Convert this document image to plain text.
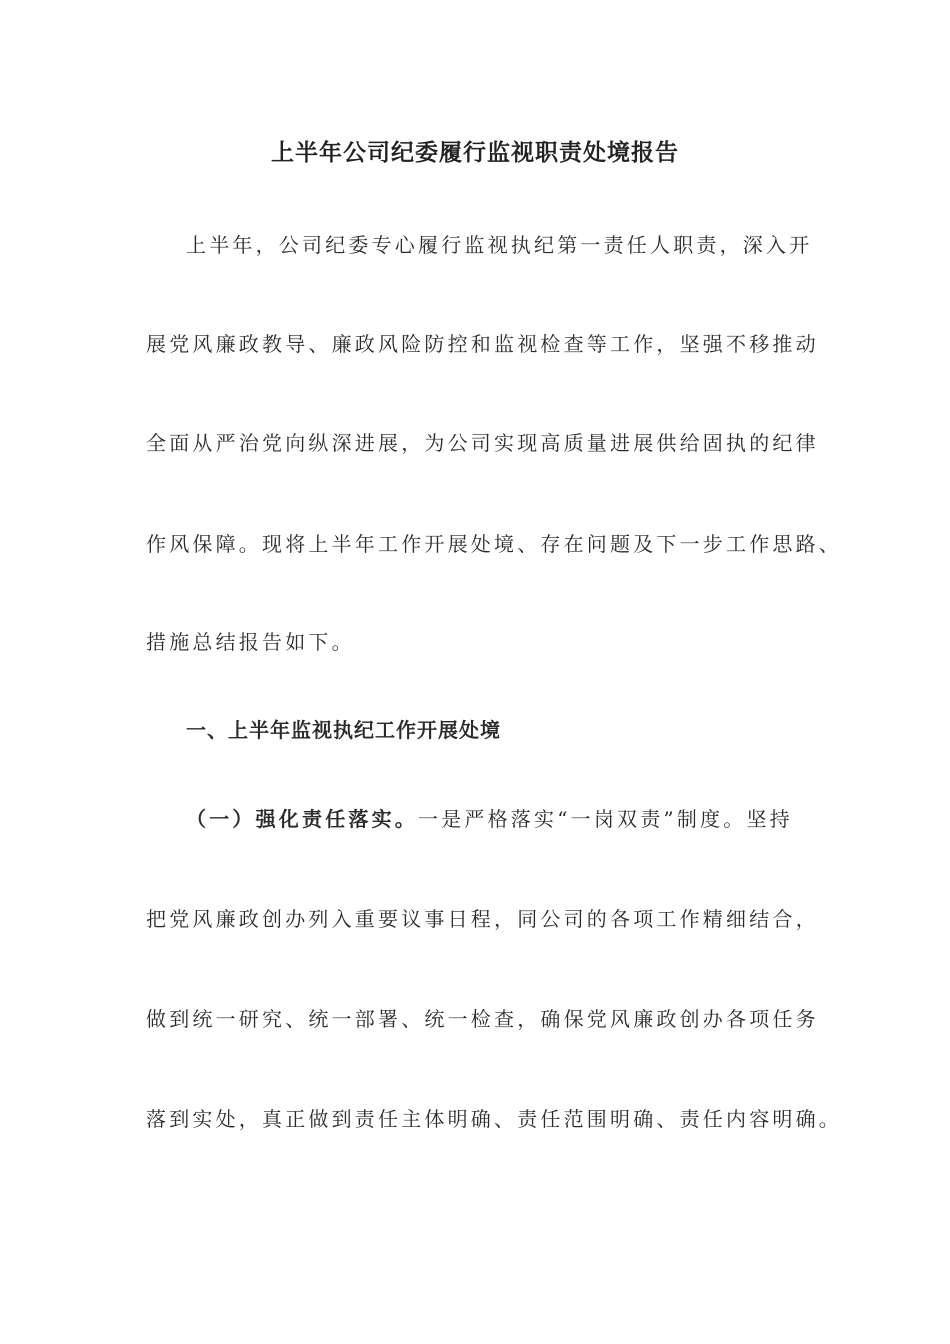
上半年公司纪委履行监视职责处境报告
上半年，公司纪委专心履行监视执纪第一责任人职责，深入开
展党风廉政教导、廉政风险防控和监视检查等工作，坚强不移推动
全面从严治党向纵深进展，为公司实现高质量进展供给固执的纪律
作风保障。现将上半年工作开展处境、存在问题及下一步工作思路、
措施总结报告如下。
一、上半年监视执纪工作开展处境
（一）强化责任落实。一是严格落实“一岗双责”制度。坚持
把党风廉政创办列入重要议事日程，同公司的各项工作精细结合，
做到统一研究、统一部署、统一检查，确保党风廉政创办各项任务
落到实处，真正做到责任主体明确、责任范围明确、责任内容明确。
